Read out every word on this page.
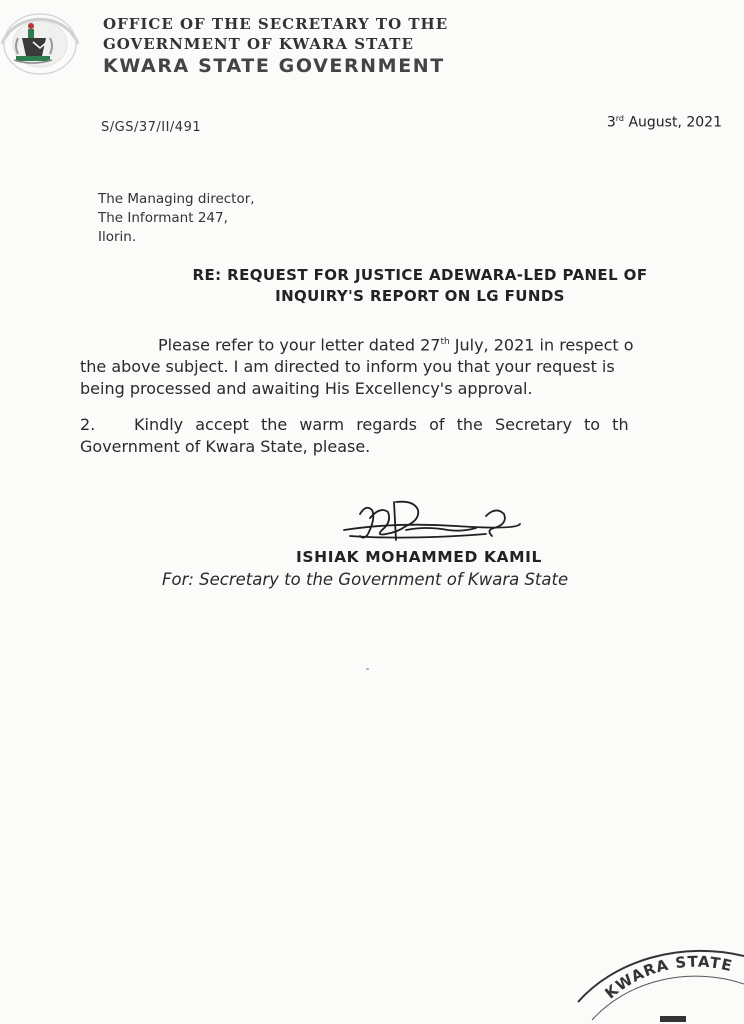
OFFICE OF THE SECRETARY TO THE
GOVERNMENT OF KWARA STATE
KWARA STATE GOVERNMENT
S/GS/37/II/491	3rd August, 2021
The Managing director,
The Informant 247,
Ilorin.
RE: REQUEST FOR JUSTICE ADEWARA-LED PANEL OF
INQUIRY'S REPORT ON LG FUNDS
Please refer to your letter dated 27th July, 2021 in respect o
the above subject. I am directed to inform you that your request is
being processed and awaiting His Excellency's approval.
2. Kindly accept the warm regards of the Secretary to th
Government of Kwara State, please.
ISHIAK MOHAMMED KAMIL
For: Secretary to the Government of Kwara State
KWARA STATE
